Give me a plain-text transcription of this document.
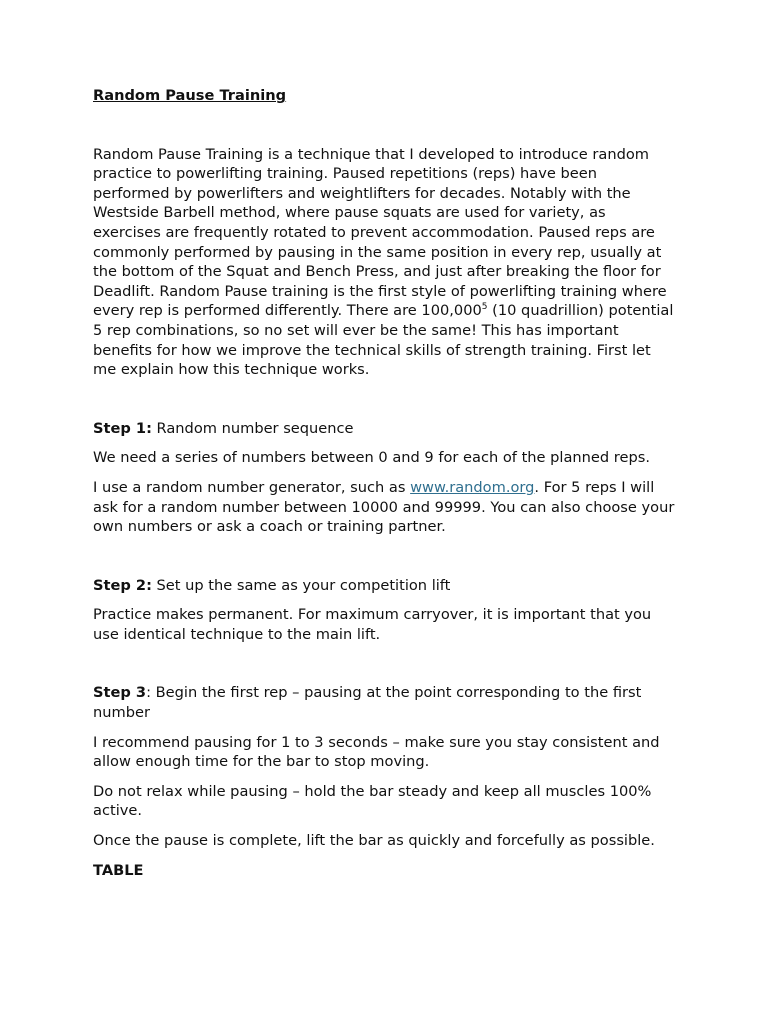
Random Pause Training

Random Pause Training is a technique that I developed to introduce random practice to powerlifting training. Paused repetitions (reps) have been performed by powerlifters and weightlifters for decades. Notably with the Westside Barbell method, where pause squats are used for variety, as exercises are frequently rotated to prevent accommodation. Paused reps are commonly performed by pausing in the same position in every rep, usually at the bottom of the Squat and Bench Press, and just after breaking the floor for Deadlift. Random Pause training is the first style of powerlifting training where every rep is performed differently. There are 100,000$^5$ (10 quadrillion) potential 5 rep combinations, so no set will ever be the same! This has important benefits for how we improve the technical skills of strength training. First let me explain how this technique works.

Step 1: Random number sequence

We need a series of numbers between 0 and 9 for each of the planned reps.

I use a random number generator, such as www.random.org. For 5 reps I will ask for a random number between 10000 and 99999. You can also choose your own numbers or ask a coach or training partner.

Step 2: Set up the same as your competition lift

Practice makes permanent. For maximum carryover, it is important that you use identical technique to the main lift.

Step 3: Begin the first rep – pausing at the point corresponding to the first number

I recommend pausing for 1 to 3 seconds – make sure you stay consistent and allow enough time for the bar to stop moving.

Do not relax while pausing – hold the bar steady and keep all muscles 100% active.

Once the pause is complete, lift the bar as quickly and forcefully as possible.

TABLE
